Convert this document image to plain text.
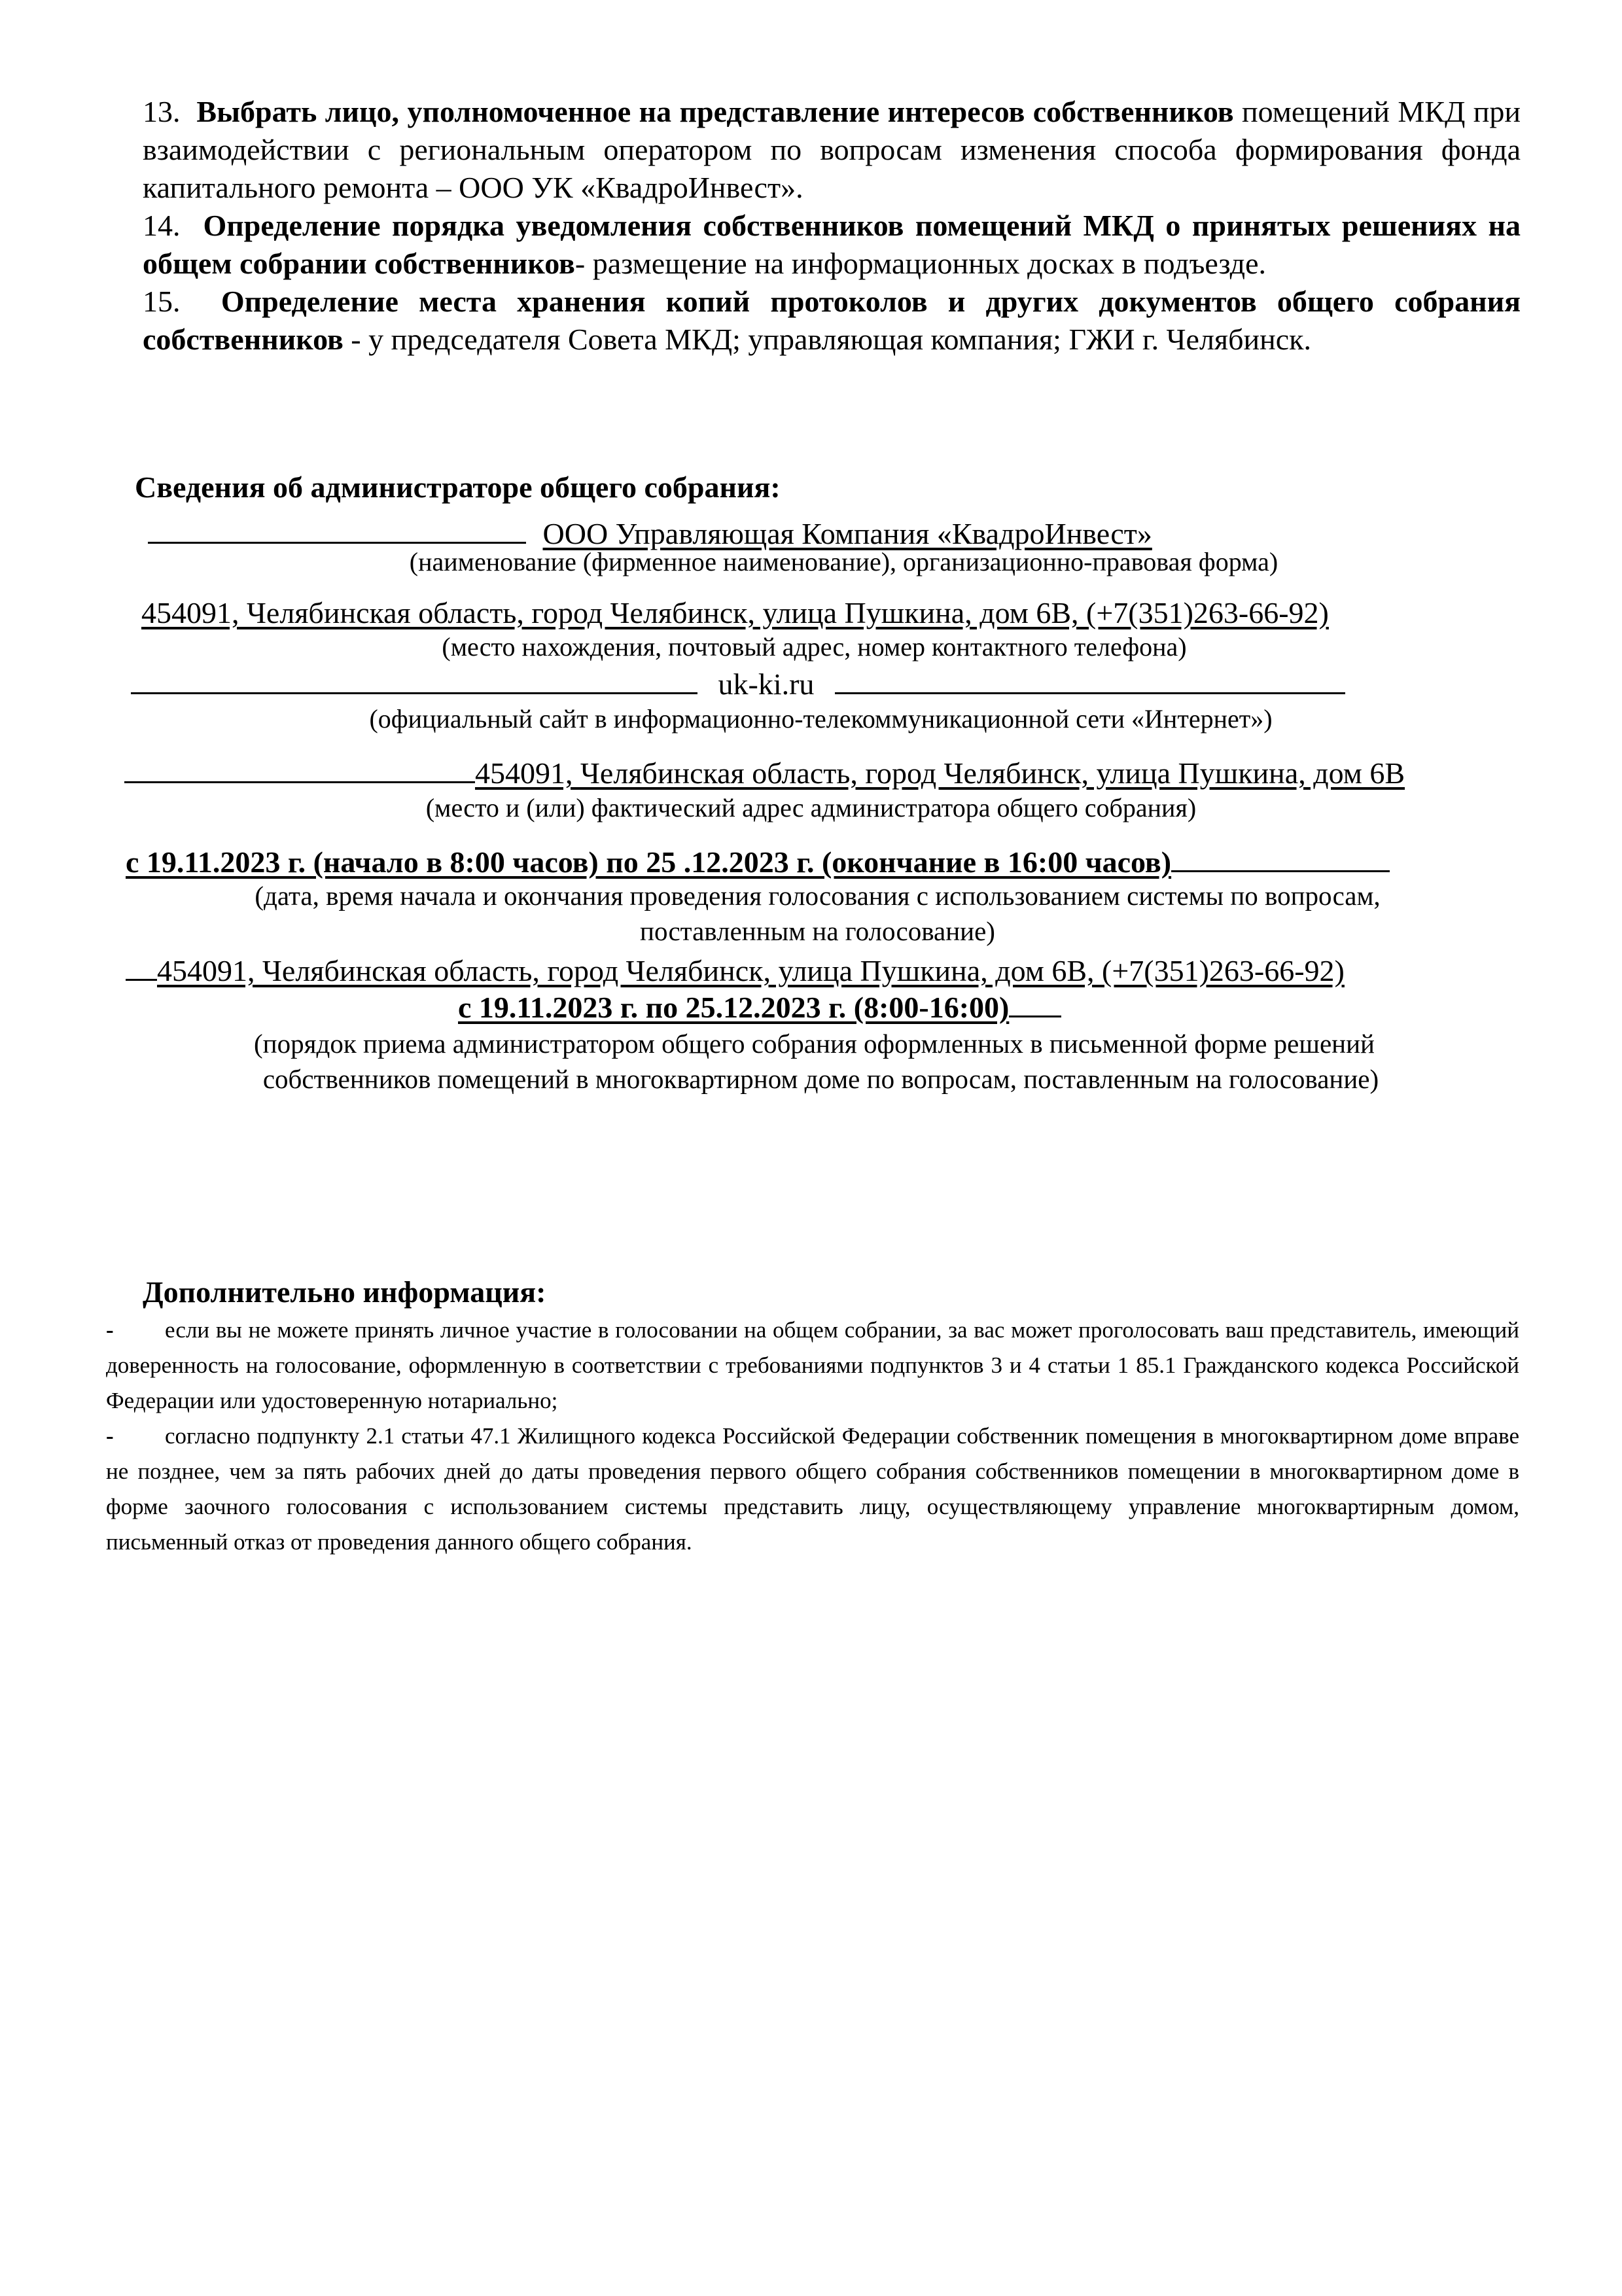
13. Выбрать лицо, уполномоченное на представление интересов собственников помещений МКД при взаимодействии с региональным оператором по вопросам изменения способа формирования фонда капитального ремонта – ООО УК «КвадроИнвест».

14. Определение порядка уведомления собственников помещений МКД о принятых решениях на общем собрании собственников- размещение на информационных досках в подъезде.

15. Определение места хранения копий протоколов и других документов общего собрания собственников - у председателя Совета МКД; управляющая компания; ГЖИ г. Челябинск.

Сведения об администраторе общего собрания:
ООО Управляющая Компания «КвадроИнвест»
(наименование (фирменное наименование), организационно-правовая форма)
454091, Челябинская область, город Челябинск, улица Пушкина, дом 6В, (+7(351)263-66-92)
(место нахождения, почтовый адрес, номер контактного телефона)
uk-ki.ru
(официальный сайт в информационно-телекоммуникационной сети «Интернет»)
454091, Челябинская область, город Челябинск, улица Пушкина, дом 6В
(место и (или) фактический адрес администратора общего собрания)
с 19.11.2023 г. (начало в 8:00 часов) по 25 .12.2023 г. (окончание в 16:00 часов)
(дата, время начала и окончания проведения голосования с использованием системы по вопросам,
поставленным на голосование)
454091, Челябинская область, город Челябинск, улица Пушкина, дом 6В, (+7(351)263-66-92)
с 19.11.2023 г. по 25.12.2023 г. (8:00-16:00)
(порядок приема администратором общего собрания оформленных в письменной форме решений
собственников помещений в многоквартирном доме по вопросам, поставленным на голосование)
Дополнительно информация:

- если вы не можете принять личное участие в голосовании на общем собрании, за вас может проголосовать ваш представитель, имеющий доверенность на голосование, оформленную в соответствии с требованиями подпунктов 3 и 4 статьи 1 85.1 Гражданского кодекса Российской Федерации или удостоверенную нотариально;

- согласно подпункту 2.1 статьи 47.1 Жилищного кодекса Российской Федерации собственник помещения в многоквартирном доме вправе не позднее, чем за пять рабочих дней до даты проведения первого общего собрания собственников помещении в многоквартирном доме в форме заочного голосования с использованием системы представить лицу, осуществляющему управление многоквартирным домом, письменный отказ от проведения данного общего собрания.
